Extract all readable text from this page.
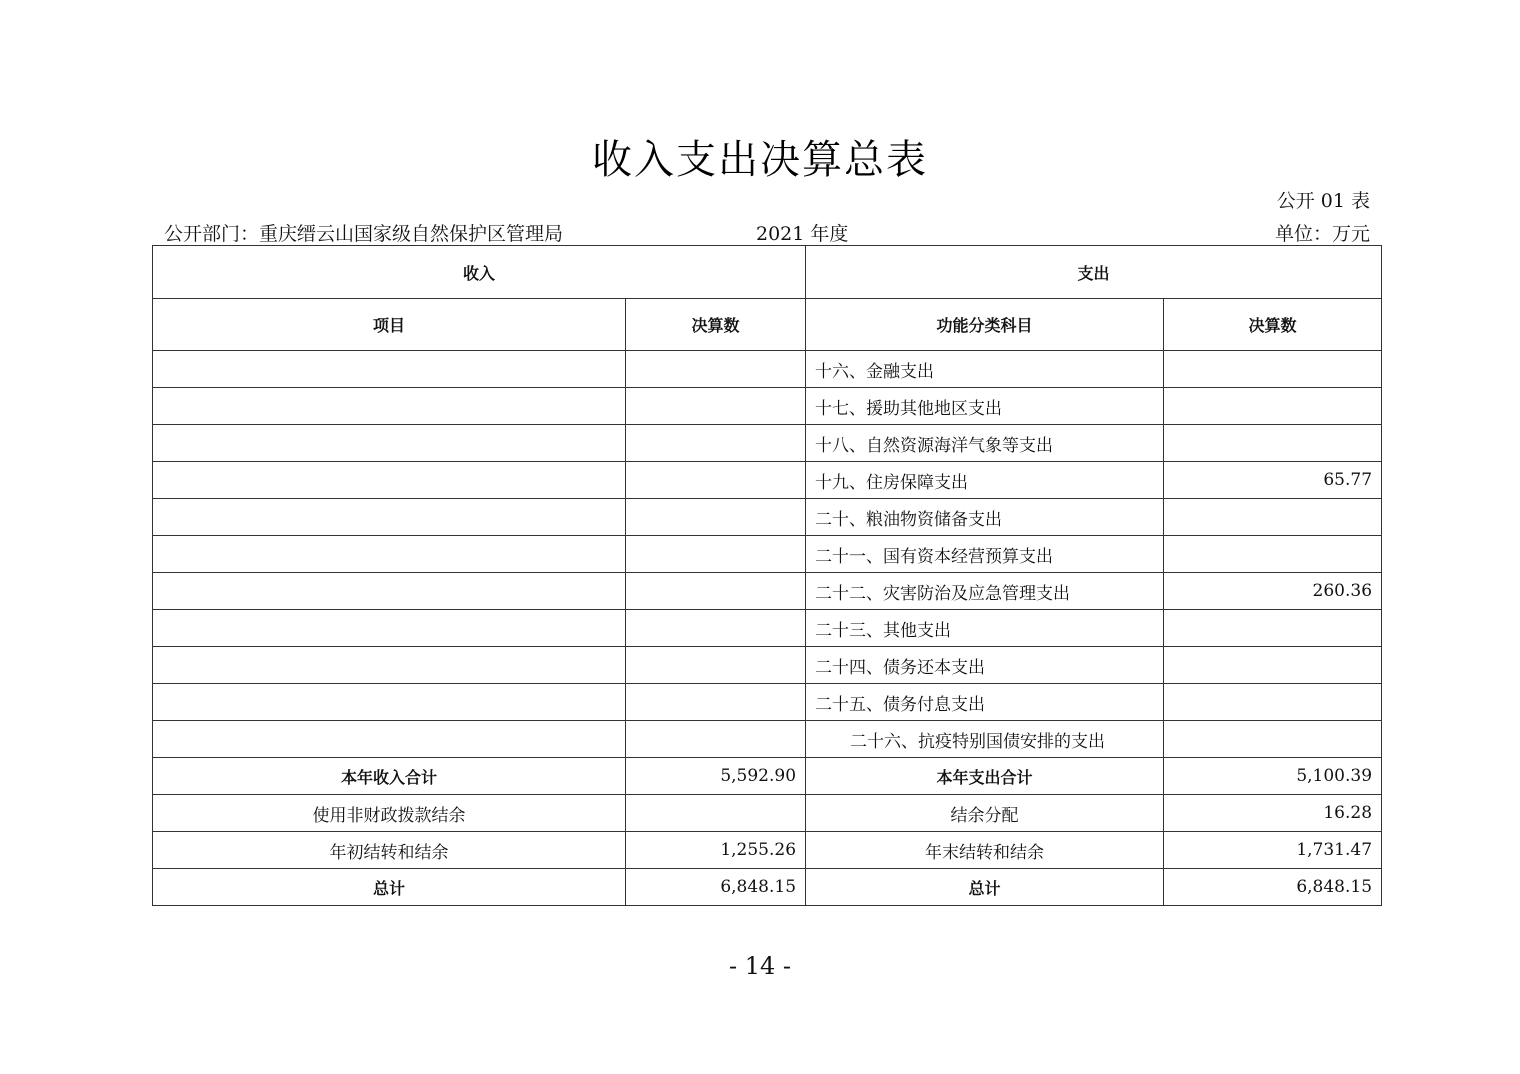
收入支出决算总表
公开 01 表
公开部门：重庆缙云山国家级自然保护区管理局	2021 年度	单位：万元
收入		支出	
项目	决算数	功能分类科目	决算数
		十六、金融支出	
		十七、援助其他地区支出	
		十八、自然资源海洋气象等支出	
		十九、住房保障支出	65.77
		二十、粮油物资储备支出	
		二十一、国有资本经营预算支出	
		二十二、灾害防治及应急管理支出	260.36
		二十三、其他支出	
		二十四、债务还本支出	
		二十五、债务付息支出	
		二十六、抗疫特别国债安排的支出	
本年收入合计	5,592.90	本年支出合计	5,100.39
使用非财政拨款结余		结余分配	16.28
年初结转和结余	1,255.26	年末结转和结余	1,731.47
总计	6,848.15	总计	6,848.15
- 14 -
